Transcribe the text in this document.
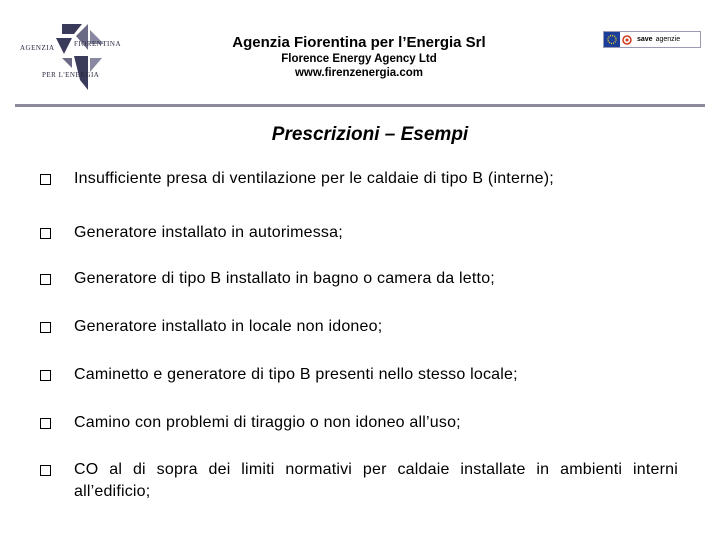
AGENZIA	FIORENTINA
PER L'ENERGIA
Agenzia Fiorentina per l’Energia Srl
Florence Energy Agency Ltd
www.firenzenergia.com
save agenzie
Prescrizioni – Esempi
Insufficiente presa di ventilazione per le caldaie di tipo B (interne);
Generatore installato in autorimessa;
Generatore di tipo B installato in bagno o camera da letto;
Generatore installato in locale non idoneo;
Caminetto e generatore di tipo B presenti nello stesso locale;
Camino con problemi di tiraggio o non idoneo all’uso;
CO al di sopra dei limiti normativi per caldaie installate in ambienti interni all’edificio;
